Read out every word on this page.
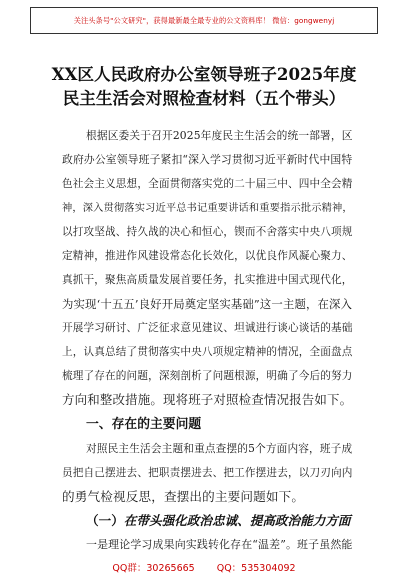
关注头条号"公文研究"，获得最新最全最专业的公文资料库！ 微信：gongwenyj
XX区人民政府办公室领导班子2025年度
民主生活会对照检查材料（五个带头）
根据区委关于召开2025年度民主生活会的统一部署，区
政府办公室领导班子紧扣“深入学习贯彻习近平新时代中国特
色社会主义思想，全面贯彻落实党的二十届三中、四中全会精
神，深入贯彻落实习近平总书记重要讲话和重要指示批示精神，
以打攻坚战、持久战的决心和恒心，锲而不舍落实中央八项规
定精神，推进作风建设常态化长效化，以优良作风凝心聚力、
真抓干，聚焦高质量发展首要任务，扎实推进中国式现代化，
为实现‘十五五’良好开局奠定坚实基础”这一主题，在深入
开展学习研讨、广泛征求意见建议、坦诚进行谈心谈话的基础
上，认真总结了贯彻落实中央八项规定精神的情况，全面盘点
梳理了存在的问题，深刻剖析了问题根源，明确了今后的努力
方向和整改措施。现将班子对照检查情况报告如下。
一、存在的主要问题
对照民主生活会主题和重点查摆的5个方面内容，班子成
员把自己摆进去、把职责摆进去、把工作摆进去，以刀刃向内
的勇气检视反思，查摆出的主要问题如下。
（一）在带头强化政治忠诚、提高政治能力方面
一是理论学习成果向实践转化存在“温差”。班子虽然能
QQ群：30265665 QQ：535304092
